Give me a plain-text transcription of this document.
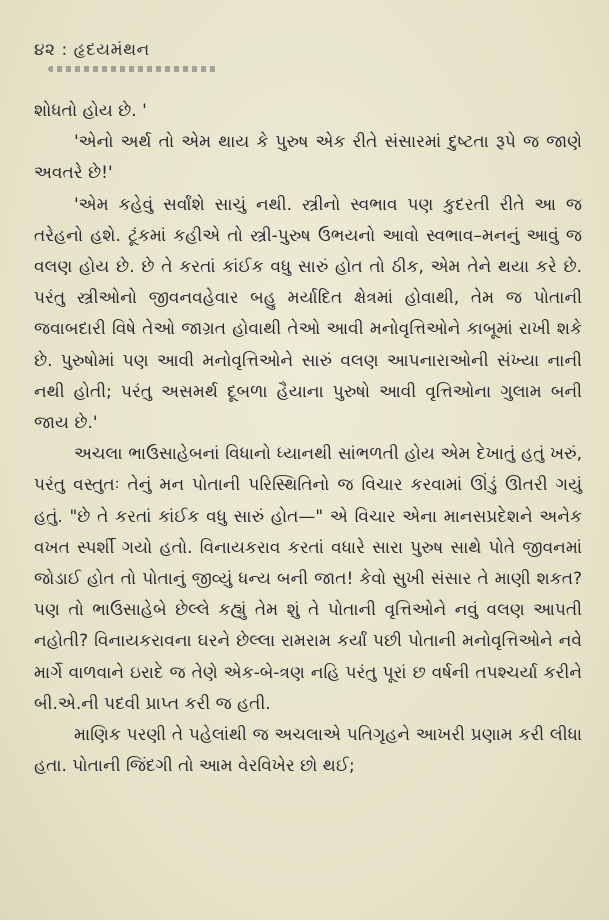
૪૨ : હૃદયમંથન

શોધતો હોય છે. '

'એનો અર્થ તો એમ થાય કે પુરુષ એક રીતે સંસારમાં દુષ્ટતા રૂપે જ જાણે અવતરે છે!'

'એમ કહેવું સર્વાંશે સાચું નથી. સ્ત્રીનો સ્વભાવ પણ કુદરતી રીતે આ જ તરેહનો હશે. ટૂંકમાં કહીએ તો સ્ત્રી-પુરુષ ઉભયનો આવો સ્વભાવ–મનનું આવું જ વલણ હોય છે. છે તે કરતાં કાંઈક વધુ સારું હોત તો ઠીક, એમ તેને થયા કરે છે. પરંતુ સ્ત્રીઓનો જીવનવહેવાર બહુ મર્યાદિત ક્ષેત્રમાં હોવાથી, તેમ જ પોતાની જવાબદારી વિષે તેઓ જાગ્રત હોવાથી તેઓ આવી મનોવૃત્તિઓને કાબૂમાં રાખી શકે છે. પુરુષોમાં પણ આવી મનોવૃત્તિઓને સારું વલણ આપનારાઓની સંખ્યા નાની નથી હોતી; પરંતુ અસમર્થ દૂબળા હૈયાના પુરુષો આવી વૃત્તિઓના ગુલામ બની જાય છે.'

અચલા ભાઉસાહેબનાં વિધાનો ધ્યાનથી સાંભળતી હોય એમ દેખાતું હતું ખરું, પરંતુ વસ્તુતઃ તેનું મન પોતાની પરિસ્થિતિનો જ વિચાર કરવામાં ઊંડું ઊતરી ગયું હતું. "છે તે કરતાં કાંઈક વધુ સારું હોત—" એ વિચાર એના માનસપ્રદેશને અનેક વખત સ્પર્શી ગયો હતો. વિનાયકરાવ કરતાં વધારે સારા પુરુષ સાથે પોતે જીવનમાં જોડાઈ હોત તો પોતાનું જીવ્યું ધન્ય બની જાત! કેવો સુખી સંસાર તે માણી શકત? પણ તો ભાઉસાહેબે છેલ્લે કહ્યું તેમ શું તે પોતાની વૃત્તિઓને નવું વલણ આપતી નહોતી? વિનાયકરાવના ઘરને છેલ્લા રામરામ કર્યાં પછી પોતાની મનોવૃત્તિઓને નવે માર્ગે વાળવાને ઇરાદે જ તેણે એક-બે-ત્રણ નહિ પરંતુ પૂરાં છ વર્ષની તપશ્ચર્યા કરીને બી.એ.ની પદવી પ્રાપ્ત કરી જ હતી.

માણિક પરણી તે પહેલાંથી જ અચલાએ પતિગૃહને આખરી પ્રણામ કરી લીધા હતા. પોતાની જિંદગી તો આમ વેરવિખેર છો થઈ;
